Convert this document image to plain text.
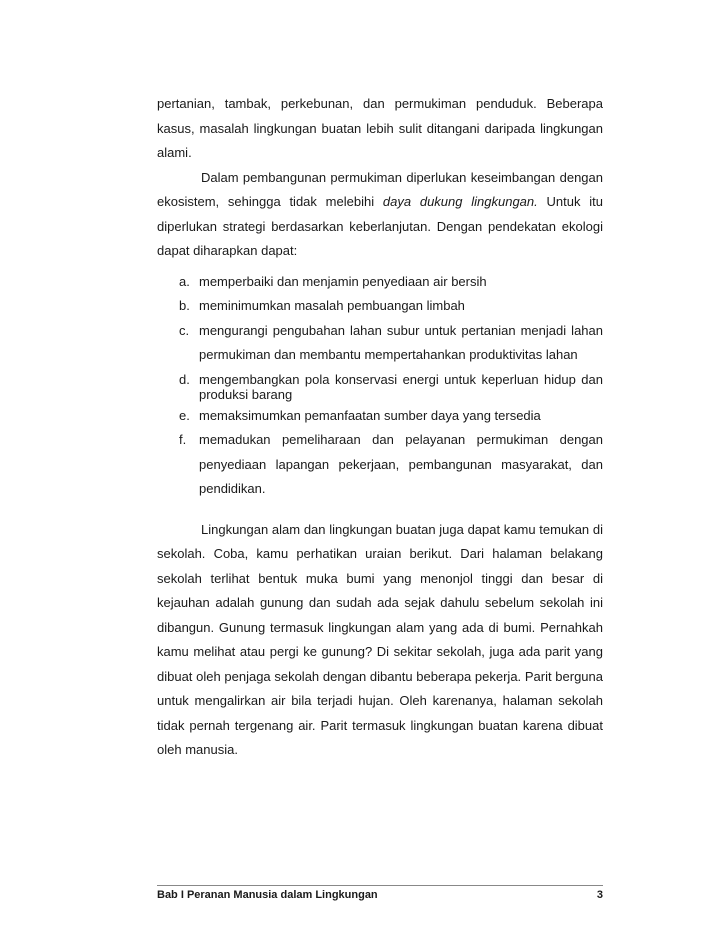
pertanian, tambak, perkebunan, dan permukiman penduduk. Beberapa kasus, masalah lingkungan buatan lebih sulit ditangani daripada lingkungan alami.

Dalam pembangunan permukiman diperlukan keseimbangan dengan ekosistem, sehingga tidak melebihi daya dukung lingkungan. Untuk itu diperlukan strategi berdasarkan keberlanjutan. Dengan pendekatan ekologi dapat diharapkan dapat:

a. memperbaiki dan menjamin penyediaan air bersih
b. meminimumkan masalah pembuangan limbah
c. mengurangi pengubahan lahan subur untuk pertanian menjadi lahan permukiman dan membantu mempertahankan produktivitas lahan
d. mengembangkan pola konservasi energi untuk keperluan hidup dan produksi barang
e. memaksimumkan pemanfaatan sumber daya yang tersedia
f. memadukan pemeliharaan dan pelayanan permukiman dengan penyediaan lapangan pekerjaan, pembangunan masyarakat, dan pendidikan.

Lingkungan alam dan lingkungan buatan juga dapat kamu temukan di sekolah. Coba, kamu perhatikan uraian berikut. Dari halaman belakang sekolah terlihat bentuk muka bumi yang menonjol tinggi dan besar di kejauhan adalah gunung dan sudah ada sejak dahulu sebelum sekolah ini dibangun. Gunung termasuk lingkungan alam yang ada di bumi. Pernahkah kamu melihat atau pergi ke gunung? Di sekitar sekolah, juga ada parit yang dibuat oleh penjaga sekolah dengan dibantu beberapa pekerja. Parit berguna untuk mengalirkan air bila terjadi hujan. Oleh karenanya, halaman sekolah tidak pernah tergenang air. Parit termasuk lingkungan buatan karena dibuat oleh manusia.

Bab I Peranan Manusia dalam Lingkungan	3
